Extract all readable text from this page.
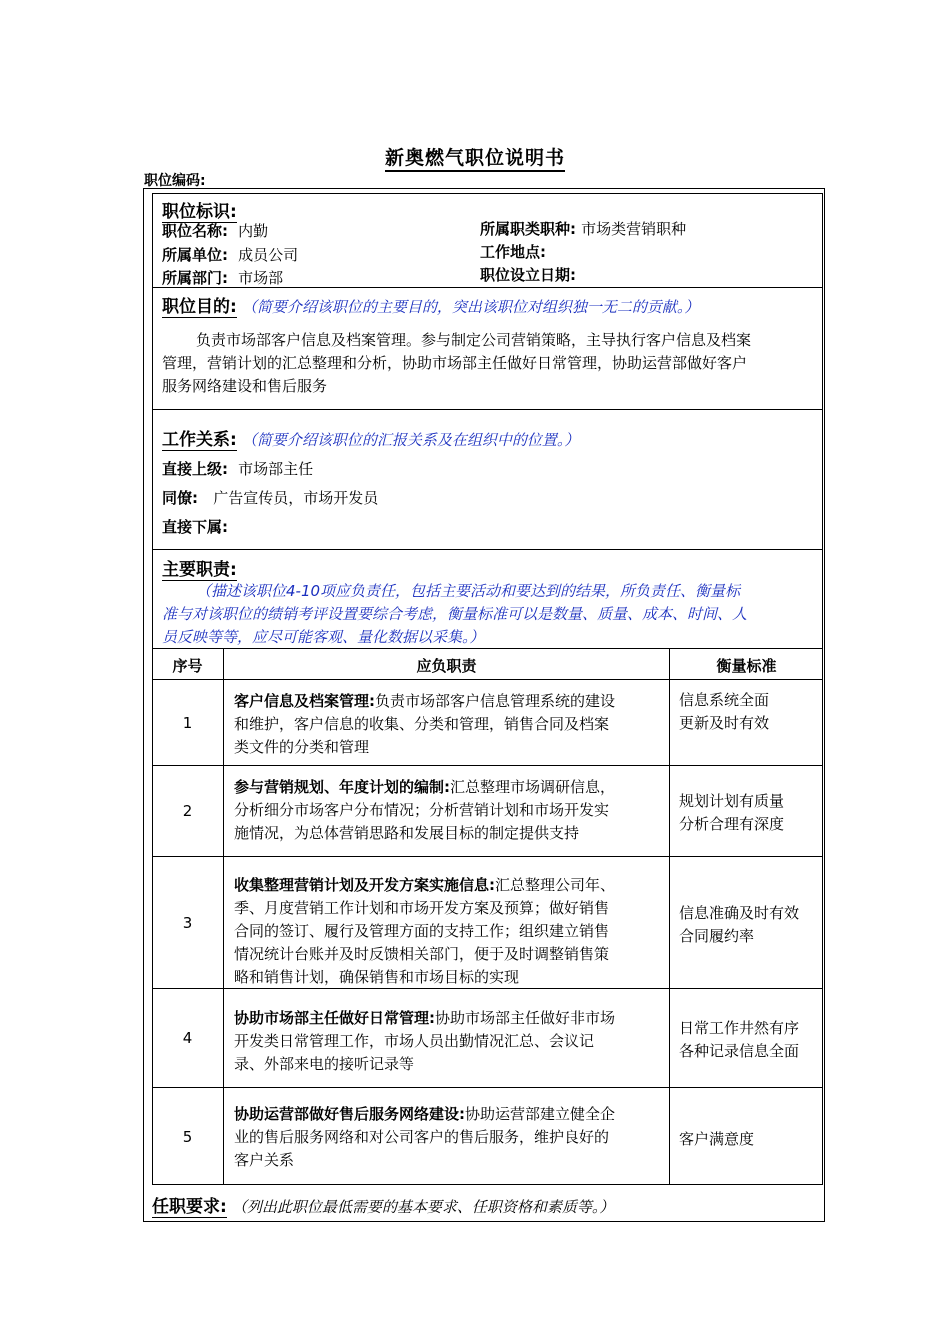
新奥燃气职位说明书
职位编码:
职位标识:
职位名称: 内勤
所属单位: 成员公司
所属部门: 市场部
所属职类职种: 市场类营销职种
工作地点:
职位设立日期:
职位目的: （简要介绍该职位的主要目的，突出该职位对组织独一无二的贡献。）
负责市场部客户信息及档案管理。参与制定公司营销策略，主导执行客户信息及档案
管理，营销计划的汇总整理和分析，协助市场部主任做好日常管理，协助运营部做好客户
服务网络建设和售后服务
工作关系: （简要介绍该职位的汇报关系及在组织中的位置。）
直接上级: 市场部主任
同僚: 广告宣传员，市场开发员
直接下属:
主要职责:
（描述该职位4-10项应负责任，包括主要活动和要达到的结果，所负责任、衡量标
准与对该职位的绩销考评设置要综合考虑，衡量标准可以是数量、质量、成本、时间、人
员反映等等，应尽可能客观、量化数据以采集。）
序号	应负职责	衡量标准
1
客户信息及档案管理:负责市场部客户信息管理系统的建设
和维护，客户信息的收集、分类和管理，销售合同及档案
类文件的分类和管理
信息系统全面
更新及时有效
2
参与营销规划、年度计划的编制:汇总整理市场调研信息，
分析细分市场客户分布情况；分析营销计划和市场开发实
施情况，为总体营销思路和发展目标的制定提供支持
规划计划有质量
分析合理有深度
3
收集整理营销计划及开发方案实施信息:汇总整理公司年、
季、月度营销工作计划和市场开发方案及预算；做好销售
合同的签订、履行及管理方面的支持工作；组织建立销售
情况统计台账并及时反馈相关部门，便于及时调整销售策
略和销售计划，确保销售和市场目标的实现
信息准确及时有效
合同履约率
4
协助市场部主任做好日常管理:协助市场部主任做好非市场
开发类日常管理工作，市场人员出勤情况汇总、会议记
录、外部来电的接听记录等
日常工作井然有序
各种记录信息全面
5
协助运营部做好售后服务网络建设:协助运营部建立健全企
业的售后服务网络和对公司客户的售后服务，维护良好的
客户关系
客户满意度
任职要求: （列出此职位最低需要的基本要求、任职资格和素质等。）
